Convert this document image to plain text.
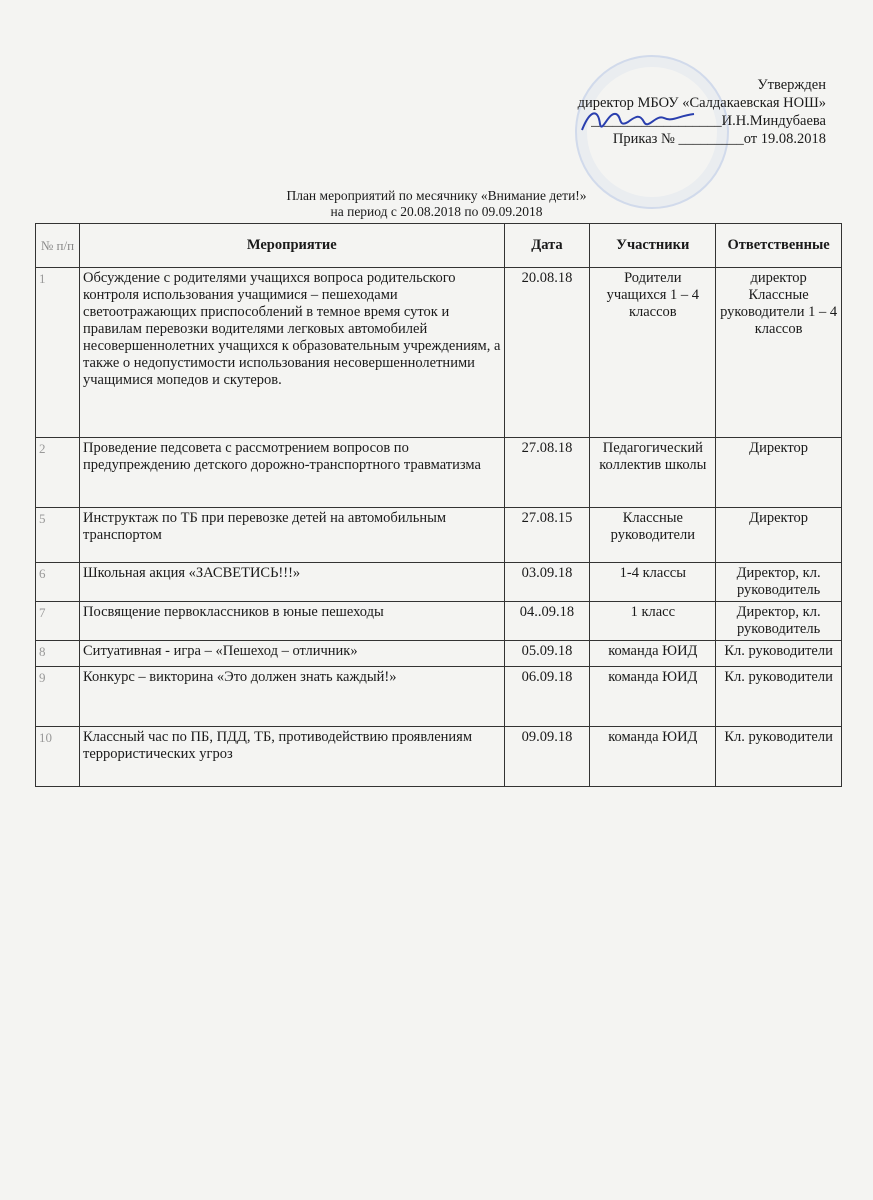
Утвержден
директор МБОУ «Салдакаевская НОШ»
__________________И.Н.Миндубаева
Приказ № _________от 19.08.2018
План мероприятий по месячнику «Внимание дети!»
на период с 20.08.2018 по 09.09.2018
№ п/п	Мероприятие	Дата	Участники	Ответственные
1	Обсуждение с родителями учащихся вопроса родительского контроля использования учащимися – пешеходами светоотражающих приспособлений в темное время суток и правилам перевозки водителями легковых автомобилей несовершеннолетних учащихся к образовательным учреждениям, а также о недопустимости использования несовершеннолетними учащимися мопедов и скутеров.	20.08.18	Родители учащихся 1 – 4 классов	директор Классные руководители 1 – 4 классов
2	Проведение педсовета с рассмотрением вопросов по предупреждению детского дорожно-транспортного травматизма	27.08.18	Педагогический коллектив школы	Директор
5	Инструктаж по ТБ при перевозке детей на автомобильным транспортом	27.08.15	Классные руководители	Директор
6	Школьная акция «ЗАСВЕТИСЬ!!!»	03.09.18	1-4 классы	Директор, кл. руководитель
7	Посвящение первоклассников в юные пешеходы	04..09.18	1 класс	Директор, кл. руководитель
8	Ситуативная - игра – «Пешеход – отличник»	05.09.18	команда ЮИД	Кл. руководители
9	Конкурс – викторина «Это должен знать каждый!»	06.09.18	команда ЮИД	Кл. руководители
10	Классный час по ПБ, ПДД, ТБ, противодействию проявлениям террористических угроз	09.09.18	команда ЮИД	Кл. руководители
